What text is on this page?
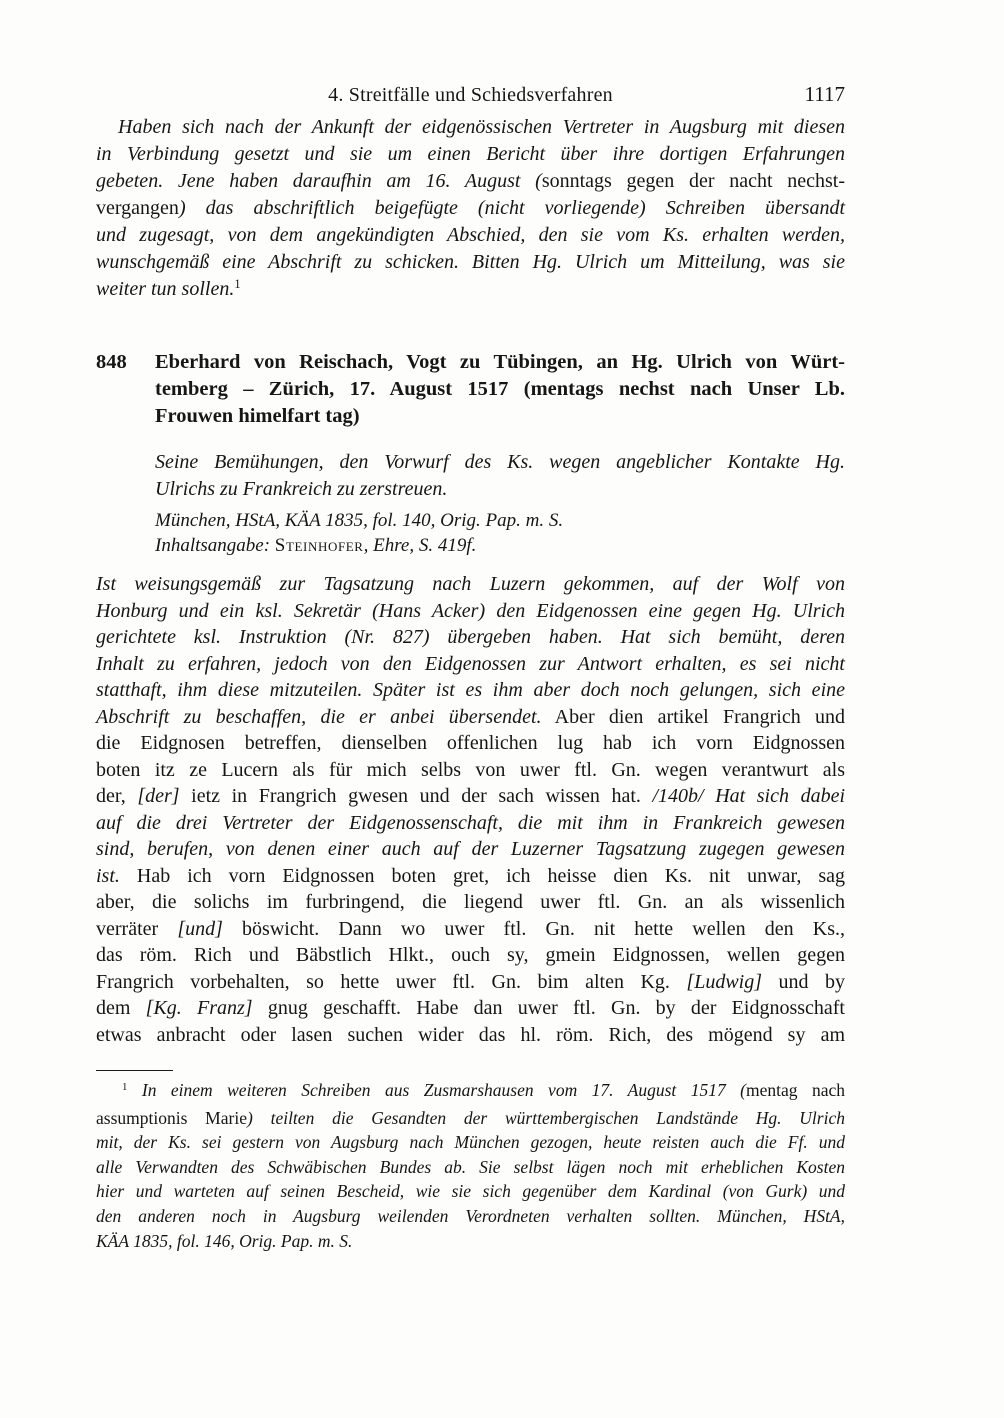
4. Streitfälle und Schiedsverfahren	1117
Haben sich nach der Ankunft der eidgenössischen Vertreter in Augsburg mit diesen
in Verbindung gesetzt und sie um einen Bericht über ihre dortigen Erfahrungen
gebeten. Jene haben daraufhin am 16. August (sonntags gegen der nacht nechst-
vergangen) das abschriftlich beigefügte (nicht vorliegende) Schreiben übersandt
und zugesagt, von dem angekündigten Abschied, den sie vom Ks. erhalten werden,
wunschgemäß eine Abschrift zu schicken. Bitten Hg. Ulrich um Mitteilung, was sie
weiter tun sollen.$^1$
848 Eberhard von Reischach, Vogt zu Tübingen, an Hg. Ulrich von Würt-
temberg – Zürich, 17. August 1517 (mentags nechst nach Unser Lb.
Frouwen himelfart tag)
Seine Bemühungen, den Vorwurf des Ks. wegen angeblicher Kontakte Hg.
Ulrichs zu Frankreich zu zerstreuen.
München, HStA, KÄA 1835, fol. 140, Orig. Pap. m. S.
Inhaltsangabe: Steinhofer, Ehre, S. 419f.
Ist weisungsgemäß zur Tagsatzung nach Luzern gekommen, auf der Wolf von
Honburg und ein ksl. Sekretär (Hans Acker) den Eidgenossen eine gegen Hg. Ulrich
gerichtete ksl. Instruktion (Nr. 827) übergeben haben. Hat sich bemüht, deren
Inhalt zu erfahren, jedoch von den Eidgenossen zur Antwort erhalten, es sei nicht
statthaft, ihm diese mitzuteilen. Später ist es ihm aber doch noch gelungen, sich eine
Abschrift zu beschaffen, die er anbei übersendet. Aber dien artikel Frangrich und
die Eidgnosen betreffen, dienselben offenlichen lug hab ich vorn Eidgnossen
boten itz ze Lucern als für mich selbs von uwer ftl. Gn. wegen verantwurt als
der, [der] ietz in Frangrich gwesen und der sach wissen hat. /140b/ Hat sich dabei
auf die drei Vertreter der Eidgenossenschaft, die mit ihm in Frankreich gewesen
sind, berufen, von denen einer auch auf der Luzerner Tagsatzung zugegen gewesen
ist. Hab ich vorn Eidgnossen boten gret, ich heisse dien Ks. nit unwar, sag
aber, die solichs im furbringend, die liegend uwer ftl. Gn. an als wissenlich
verräter [und] böswicht. Dann wo uwer ftl. Gn. nit hette wellen den Ks.,
das röm. Rich und Bäbstlich Hlkt., ouch sy, gmein Eidgnossen, wellen gegen
Frangrich vorbehalten, so hette uwer ftl. Gn. bim alten Kg. [Ludwig] und by
dem [Kg. Franz] gnug geschafft. Habe dan uwer ftl. Gn. by der Eidgnosschaft
etwas anbracht oder lasen suchen wider das hl. röm. Rich, des mögend sy am
$^1$ In einem weiteren Schreiben aus Zusmarshausen vom 17. August 1517 (mentag nach
assumptionis Marie) teilten die Gesandten der württembergischen Landstände Hg. Ulrich
mit, der Ks. sei gestern von Augsburg nach München gezogen, heute reisten auch die Ff. und
alle Verwandten des Schwäbischen Bundes ab. Sie selbst lägen noch mit erheblichen Kosten
hier und warteten auf seinen Bescheid, wie sie sich gegenüber dem Kardinal (von Gurk) und
den anderen noch in Augsburg weilenden Verordneten verhalten sollten. München, HStA,
KÄA 1835, fol. 146, Orig. Pap. m. S.
